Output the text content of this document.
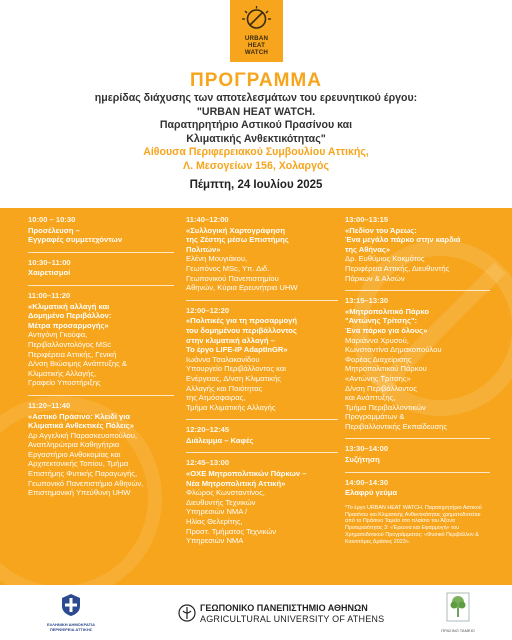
URBAN
HEAT
WATCH
ΠΡΟΓΡΑΜΜΑ
ημερίδας διάχυσης των αποτελεσμάτων του ερευνητικού έργου:
"URBAN HEAT WATCH.
Παρατηρητήριο Αστικού Πρασίνου και
Κλιματικής Ανθεκτικότητας"
Αίθουσα Περιφερειακού Συμβουλίου Αττικής,
Λ. Μεσογείων 156, Χολαργός
Πέμπτη, 24 Ιουλίου 2025
10:00 – 10:30
Προσέλευση –
Εγγραφές συμμετεχόντων
10:30–11:00
Χαιρετισμοί
11:00–11:20
«Κλιματική αλλαγή και
Δομημένο Περιβάλλον:
Μέτρα προσαρμογής»
Αντιγόνη Γκούφα,
Περιβαλλοντολόγος MSc
Περιφέρεια Αττικής, Γενική
Δ/νση Βιώσιμης Ανάπτυξης &
Κλιματικής Αλλαγής,
Γραφείο Υποστήριξης
11:20–11:40
«Αστικό Πράσινο: Κλειδί για
Κλιματικά Ανθεκτικές Πόλεις»
Δρ Αγγελική Παρασκευοπούλου,
Αναπληρώτρια Καθηγήτρια
Εργαστήριο Ανθοκομίας και
Αρχιτεκτονικής Τοπίου, Τμήμα
Επιστήμης Φυτικής Παραγωγής,
Γεωπονικό Πανεπιστήμιο Αθηνών,
Επιστημονική Υπεύθυνη UHW
11:40–12:00
«Συλλογική Χαρτογράφηση
της Ζέστης μέσω Επιστήμης
Πολιτών»
Ελένη Μουγιάκου,
Γεωπόνος MSc, Υπ. Διδ.
Γεωπονικού Πανεπιστημίου
Αθηνών, Κύρια Ερευνήτρια UHW
12:00–12:20
«Πολιτικές για τη προσαρμογή
του δομημένου περιβάλλοντος
στην κλιματική αλλαγή –
Το έργο LIFE-IP AdaptInGR»
Ιωάννα Τσαλακανίδου
Υπουργείο Περιβάλλοντος και
Ενέργειας, Δ/νση Κλιματικής
Αλλαγής και Ποιότητας
της Ατμόσφαιρας,
Τμήμα Κλιματικής Αλλαγής
12:20–12:45
Διάλειμμα – Καφές
12:45–13:00
«ΟΧΕ Μητροπολιτικών Πάρκων –
Νέα Μητροπολιτική Αττική»
Φλώρος Κωνσταντίνος,
Διευθυντής Τεχνικών
Υπηρεσιών ΝΜΑ /
Ηλίας Θελερίτης,
Προστ. Τμήματος Τεχνικών
Υπηρεσιών ΝΜΑ
13:00–13:15
«Πεδίον του Άρεως:
Ένα μεγάλο πάρκο στην καρδιά
της Αθήνας»
Δρ. Ευθύμιος Κοκμότος
Περιφέρεια Αττικής, Διευθυντής
Πάρκων & Αλσών
13:15–13:30
«Μητροπολιτικό Πάρκο
"Αντώνης Τρίτσης":
Ένα πάρκο για όλους»
Μαριάννα Χρυσού,
Κωνσταντίνα Δημακοπούλου
Φορέας Διαχείρισης
Μητροπολιτικού Πάρκου
«Αντώνης Τρίτσης»
Δ/νση Περιβάλλοντος
και Ανάπτυξης,
Τμήμα Περιβαλλοντικών
Προγραμμάτων &
Περιβαλλοντικής Εκπαίδευσης
13:30–14:00
Συζήτηση
14:00–14:30
Ελαφρύ γεύμα
*Το έργο URBAN HEAT WATCH. Παρατηρητήριο Αστικού Πρασίνου και Κλιματικής Ανθεκτικότητας χρηματοδοτείται από το Πράσινο Ταμείο στο πλαίσιο του Άξονα Προτεραιότητας 3: «Έρευνα και Εφαρμογή» του Χρηματοδοτικού Προγράμματος: «Φυσικό Περιβάλλον & Καινοτόμες Δράσεις 2023».
ΕΛΛΗΝΙΚΗ ΔΗΜΟΚΡΑΤΙΑ
ΠΕΡΙΦΕΡΕΙΑ ΑΤΤΙΚΗΣ
ΓΕΩΠΟΝΙΚΟ ΠΑΝΕΠΙΣΤΗΜΙΟ ΑΘΗΝΩΝ
AGRICULTURAL UNIVERSITY OF ATHENS
ΠΡΑΣΙΝΟ ΤΑΜΕΙΟ
